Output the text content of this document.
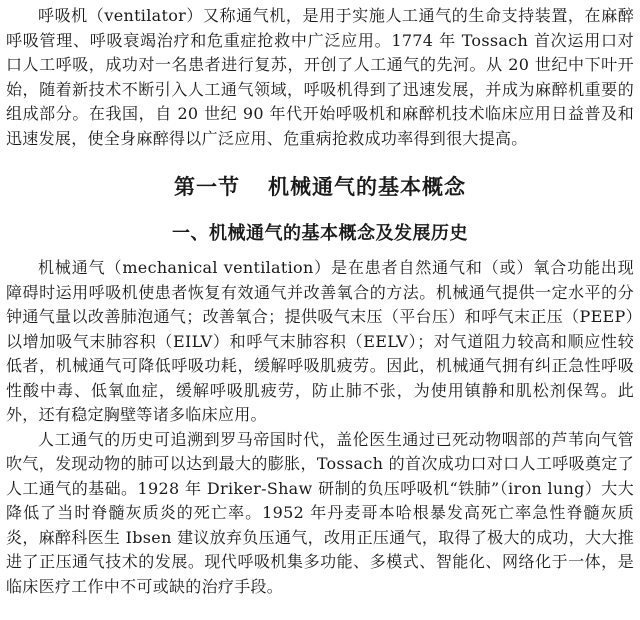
呼吸机（ventilator）又称通气机，是用于实施人工通气的生命支持装置，在麻醉呼吸管理、呼吸衰竭治疗和危重症抢救中广泛应用。1774 年 Tossach 首次运用口对口人工呼吸，成功对一名患者进行复苏，开创了人工通气的先河。从 20 世纪中下叶开始，随着新技术不断引入人工通气领域，呼吸机得到了迅速发展，并成为麻醉机重要的组成部分。在我国，自 20 世纪 90 年代开始呼吸机和麻醉机技术临床应用日益普及和迅速发展，使全身麻醉得以广泛应用、危重病抢救成功率得到很大提高。

第一节 机械通气的基本概念
一、机械通气的基本概念及发展历史

机械通气（mechanical ventilation）是在患者自然通气和（或）氧合功能出现障碍时运用呼吸机使患者恢复有效通气并改善氧合的方法。机械通气提供一定水平的分钟通气量以改善肺泡通气；改善氧合；提供吸气末压（平台压）和呼气末正压（PEEP）以增加吸气末肺容积（EILV）和呼气末肺容积（EELV）；对气道阻力较高和顺应性较低者，机械通气可降低呼吸功耗，缓解呼吸肌疲劳。因此，机械通气拥有纠正急性呼吸性酸中毒、低氧血症，缓解呼吸肌疲劳，防止肺不张，为使用镇静和肌松剂保驾。此外，还有稳定胸壁等诸多临床应用。

人工通气的历史可追溯到罗马帝国时代，盖伦医生通过已死动物咽部的芦苇向气管吹气，发现动物的肺可以达到最大的膨胀，Tossach 的首次成功口对口人工呼吸奠定了人工通气的基础。1928 年 Driker-Shaw 研制的负压呼吸机“铁肺”（iron lung）大大降低了当时脊髓灰质炎的死亡率。1952 年丹麦哥本哈根暴发高死亡率急性脊髓灰质炎，麻醉科医生 Ibsen 建议放弃负压通气，改用正压通气，取得了极大的成功，大大推进了正压通气技术的发展。现代呼吸机集多功能、多模式、智能化、网络化于一体，是临床医疗工作中不可或缺的治疗手段。
